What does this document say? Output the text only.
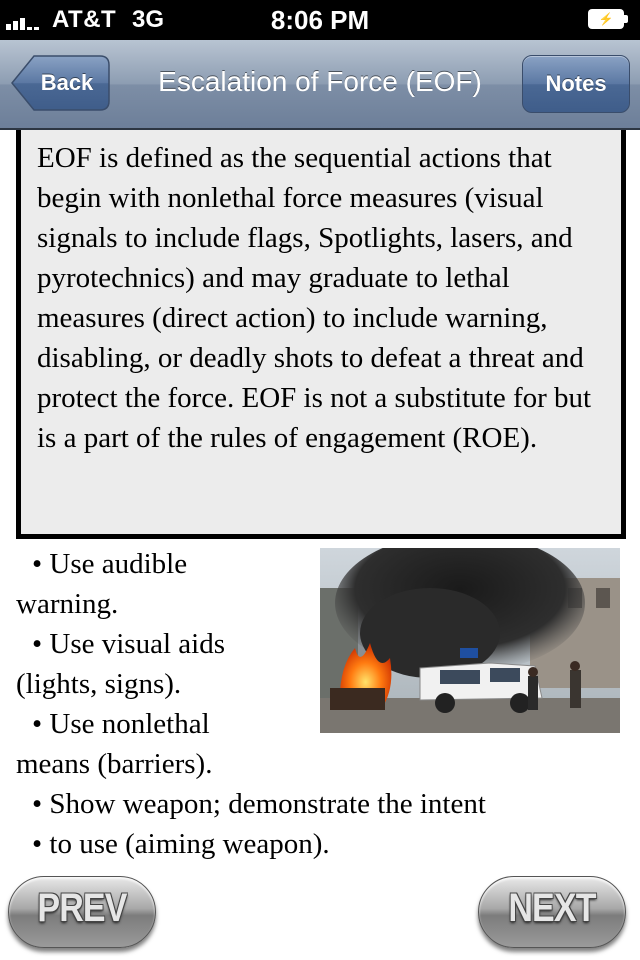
AT&T 3G	8:06 PM	⚡
Back	Escalation of Force (EOF)	Notes
EOF is defined as the sequential actions that begin with nonlethal force measures (visual signals to include flags, Spotlights, lasers, and pyrotechnics) and may graduate to lethal measures (direct action) to include warning, disabling, or deadly shots to defeat a threat and protect the force. EOF is not a substitute for but is a part of the rules of engagement (ROE).
• Use audible
warning.
• Use visual aids
(lights, signs).
• Use nonlethal
means (barriers).
• Show weapon; demonstrate the intent
• to use (aiming weapon).
PREV	NEXT
